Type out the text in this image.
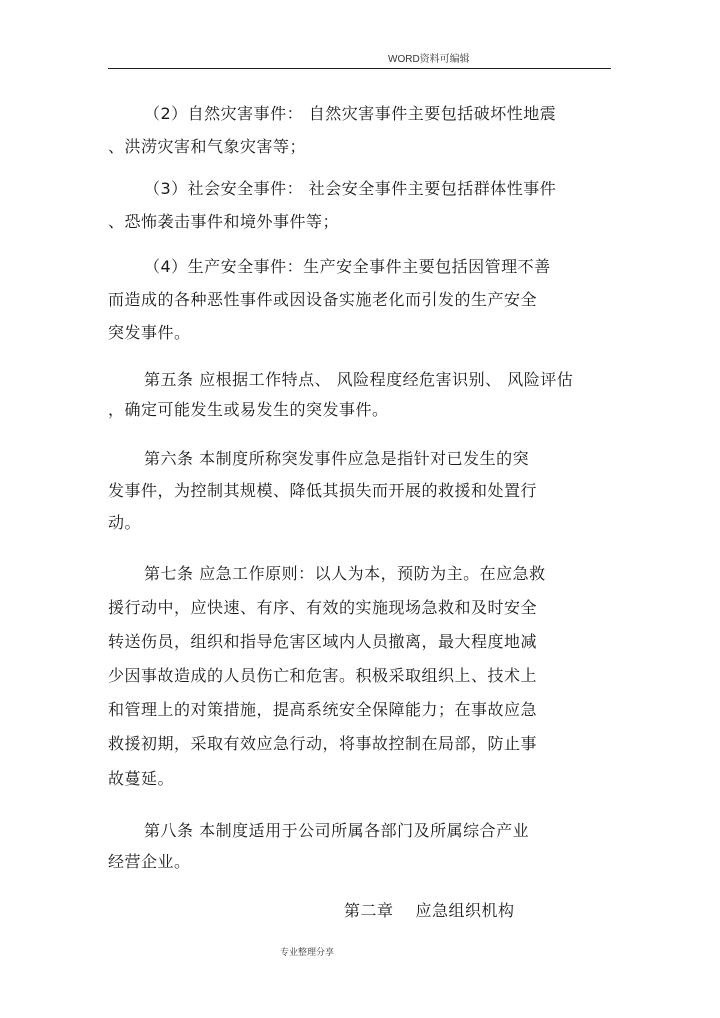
WORD资料可编辑
（2）自然灾害事件： 自然灾害事件主要包括破坏性地震
、洪涝灾害和气象灾害等；
（3）社会安全事件： 社会安全事件主要包括群体性事件
、恐怖袭击事件和境外事件等；
（4）生产安全事件：生产安全事件主要包括因管理不善
而造成的各种恶性事件或因设备实施老化而引发的生产安全
突发事件。
第五条 应根据工作特点、 风险程度经危害识别、 风险评估
，确定可能发生或易发生的突发事件。
第六条 本制度所称突发事件应急是指针对已发生的突
发事件，为控制其规模、降低其损失而开展的救援和处置行
动。
第七条 应急工作原则：以人为本，预防为主。在应急救
援行动中，应快速、有序、有效的实施现场急救和及时安全
转送伤员，组织和指导危害区域内人员撤离，最大程度地减
少因事故造成的人员伤亡和危害。积极采取组织上、技术上
和管理上的对策措施，提高系统安全保障能力；在事故应急
救援初期，采取有效应急行动，将事故控制在局部，防止事
故蔓延。
第八条 本制度适用于公司所属各部门及所属综合产业
经营企业。
第二章 应急组织机构
专业整理分享
